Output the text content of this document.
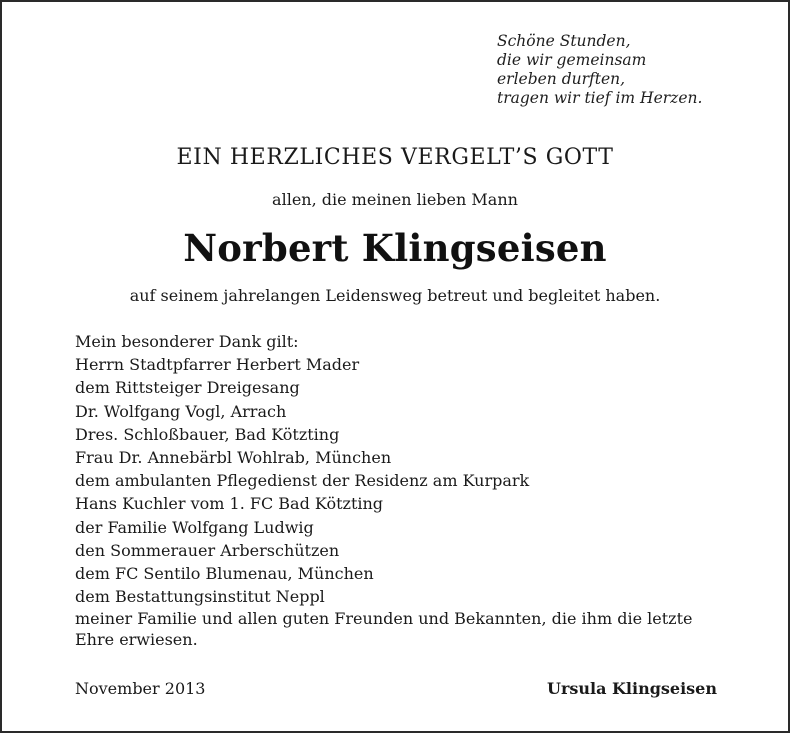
Schöne Stunden,
die wir gemeinsam
erleben durften,
tragen wir tief im Herzen.
EIN HERZLICHES VERGELT’S GOTT
allen, die meinen lieben Mann
Norbert Klingseisen
auf seinem jahrelangen Leidensweg betreut und begleitet haben.
Mein besonderer Dank gilt:
Herrn Stadtpfarrer Herbert Mader
dem Rittsteiger Dreigesang
Dr. Wolfgang Vogl, Arrach
Dres. Schloßbauer, Bad Kötzting
Frau Dr. Annebärbl Wohlrab, München
dem ambulanten Pflegedienst der Residenz am Kurpark
Hans Kuchler vom 1. FC Bad Kötzting
der Familie Wolfgang Ludwig
den Sommerauer Arberschützen
dem FC Sentilo Blumenau, München
dem Bestattungsinstitut Neppl
meiner Familie und allen guten Freunden und Bekannten, die ihm die letzte Ehre erwiesen.
November 2013	Ursula Klingseisen
